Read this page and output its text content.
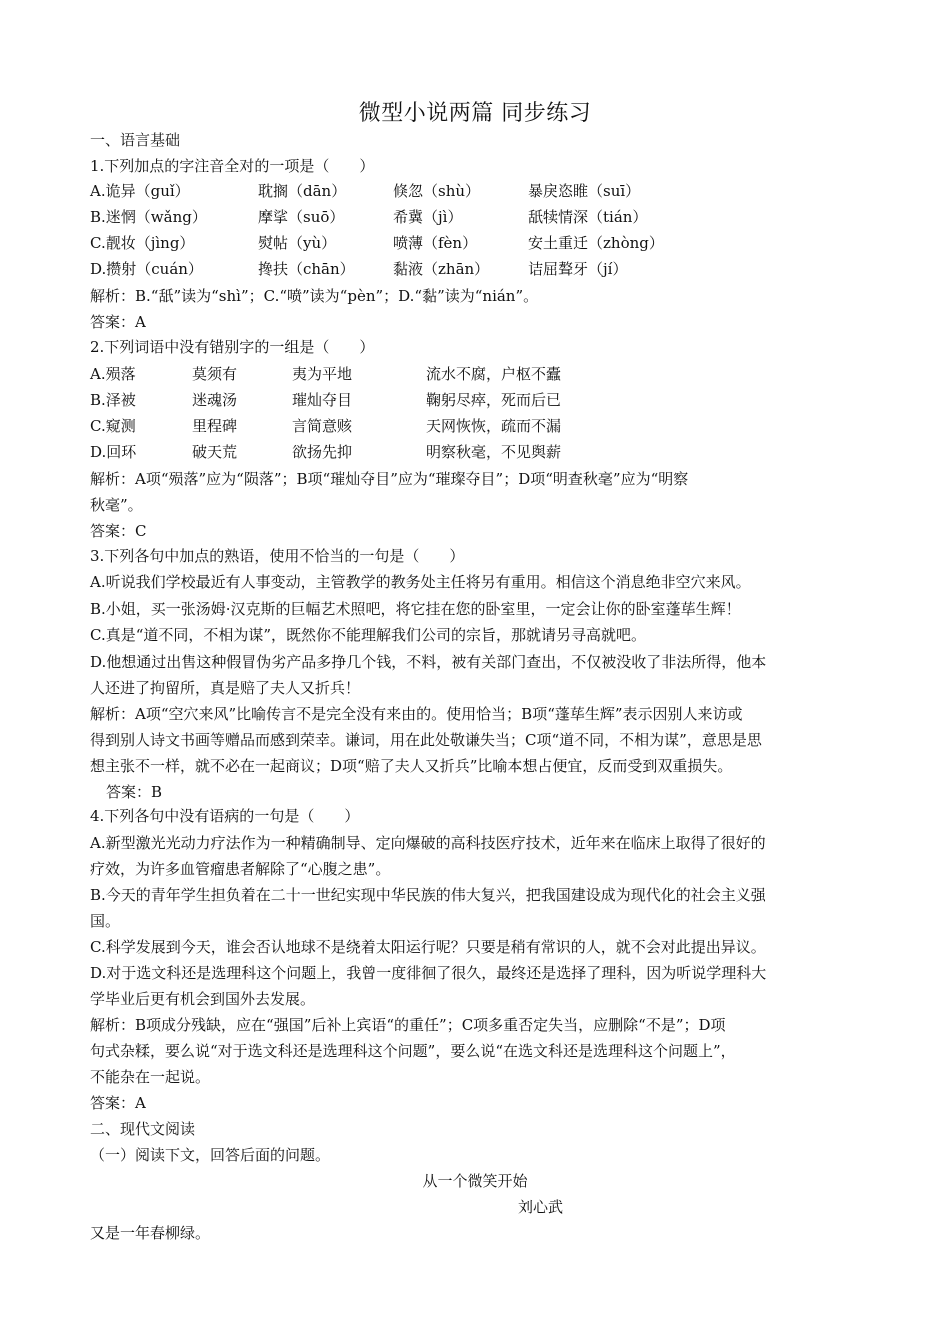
微型小说两篇 同步练习
一、语言基础
1.下列加点的字注音全对的一项是（　　）
A.诡异（guǐ）	耽搁（dān）	倏忽（shù）	暴戾恣睢（suī）
B.迷惘（wǎng）	摩挲（suō）	希冀（jì）	舐犊情深（tián）
C.靓妆（jìng）	熨帖（yù）	喷薄（fèn）	安土重迁（zhòng）
D.攒射（cuán）	搀扶（chān）	黏液（zhān）	诘屈聱牙（jí）
解析：B.“舐”读为“shì”；C.“喷”读为“pèn”；D.“黏”读为“nián”。
答案：A
2.下列词语中没有错别字的一组是（　　）
A.殒落	莫须有	夷为平地	流水不腐，户枢不蠹
B.泽被	迷魂汤	璀灿夺目	鞠躬尽瘁，死而后已
C.窥测	里程碑	言简意赅	天网恢恢，疏而不漏
D.回环	破天荒	欲扬先抑	明察秋毫，不见舆薪
解析：A项“殒落”应为“陨落”；B项“璀灿夺目”应为“璀璨夺目”；D项“明查秋毫”应为“明察
秋毫”。
答案：C
3.下列各句中加点的熟语，使用不恰当的一句是（　　）
A.听说我们学校最近有人事变动，主管教学的教务处主任将另有重用。相信这个消息绝非空穴来风。
B.小姐，买一张汤姆·汉克斯的巨幅艺术照吧，将它挂在您的卧室里，一定会让你的卧室蓬荜生辉！
C.真是“道不同，不相为谋”，既然你不能理解我们公司的宗旨，那就请另寻高就吧。
D.他想通过出售这种假冒伪劣产品多挣几个钱，不料，被有关部门查出，不仅被没收了非法所得，他本
人还进了拘留所，真是赔了夫人又折兵！
解析：A项“空穴来风”比喻传言不是完全没有来由的。使用恰当；B项“蓬荜生辉”表示因别人来访或
得到别人诗文书画等赠品而感到荣幸。谦词，用在此处敬谦失当；C项“道不同，不相为谋”，意思是思
想主张不一样，就不必在一起商议；D项“赔了夫人又折兵”比喻本想占便宜，反而受到双重损失。
答案：B
4.下列各句中没有语病的一句是（　　）
A.新型激光光动力疗法作为一种精确制导、定向爆破的高科技医疗技术，近年来在临床上取得了很好的
疗效，为许多血管瘤患者解除了“心腹之患”。
B.今天的青年学生担负着在二十一世纪实现中华民族的伟大复兴，把我国建设成为现代化的社会主义强
国。
C.科学发展到今天，谁会否认地球不是绕着太阳运行呢？只要是稍有常识的人，就不会对此提出异议。
D.对于选文科还是选理科这个问题上，我曾一度徘徊了很久，最终还是选择了理科，因为听说学理科大
学毕业后更有机会到国外去发展。
解析：B项成分残缺，应在“强国”后补上宾语“的重任”；C项多重否定失当，应删除“不是”；D项
句式杂糅，要么说“对于选文科还是选理科这个问题”，要么说“在选文科还是选理科这个问题上”，
不能杂在一起说。
答案：A
二、现代文阅读
（一）阅读下文，回答后面的问题。
从一个微笑开始
刘心武
又是一年春柳绿。
